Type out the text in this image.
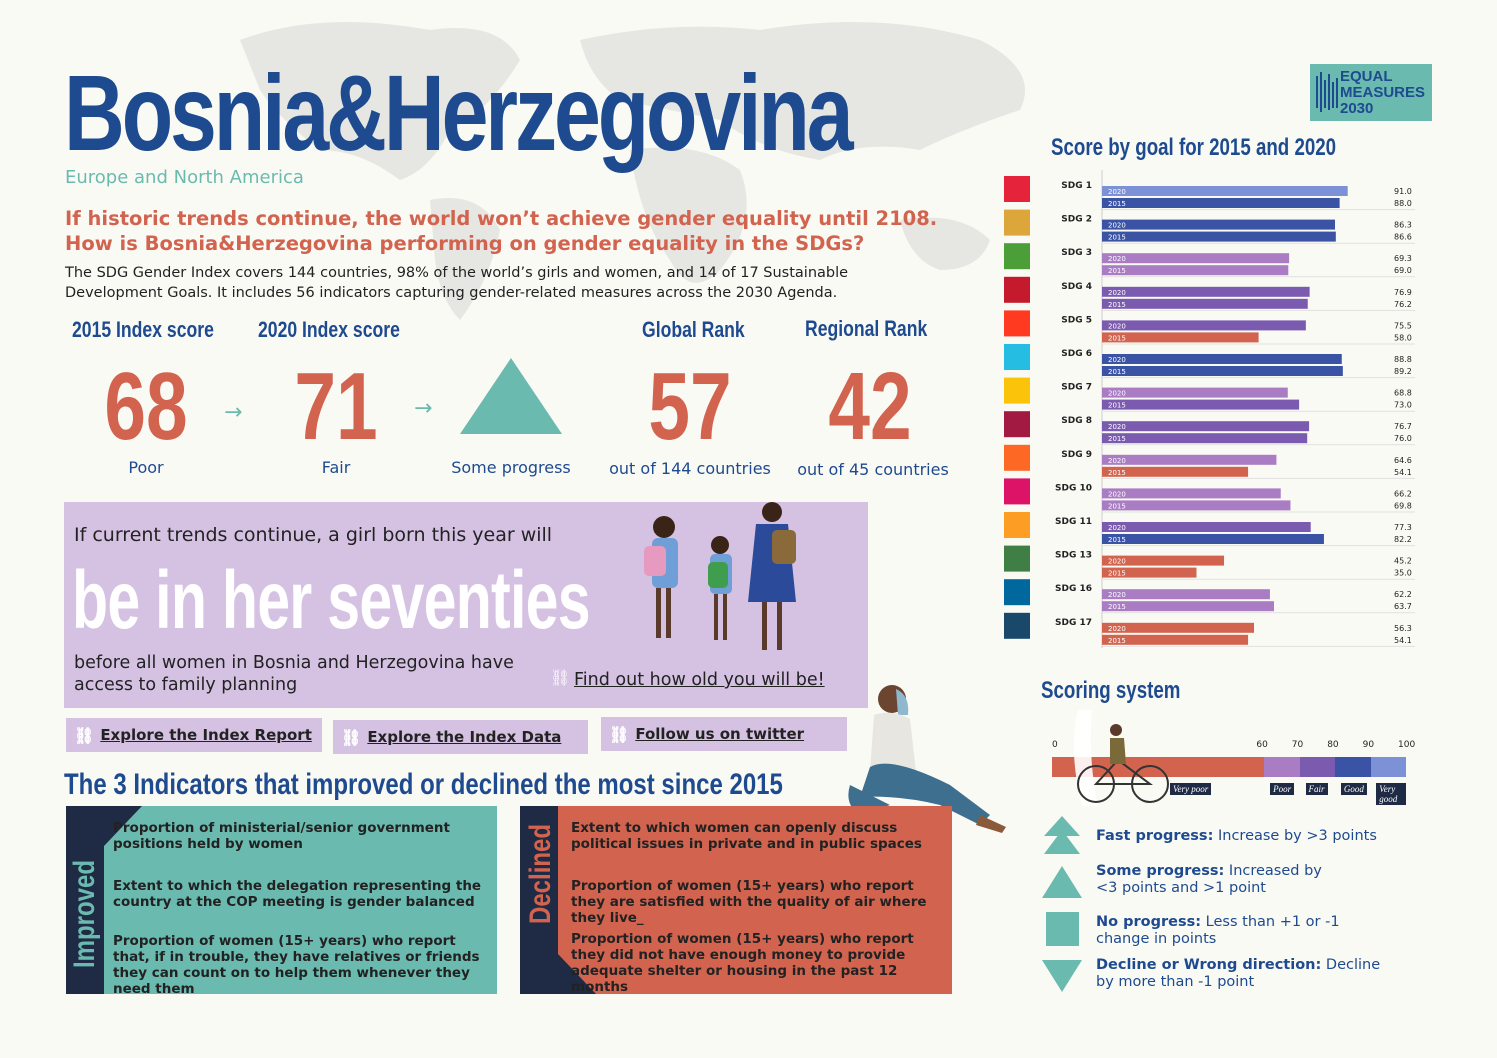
Bosnia&Herzegovina
Europe and North America
If historic trends continue, the world won’t achieve gender equality until 2108.
How is Bosnia&Herzegovina performing on gender equality in the SDGs?
The SDG Gender Index covers 144 countries, 98% of the world’s girls and women, and 14 of 17 Sustainable
Development Goals. It includes 56 indicators capturing gender-related measures across the 2030 Agenda.
EQUAL
MEASURES
2030
2015 Index score 2020 Index score	Global Rank	Regional Rank
68	→ 71	→ 57 42
Poor	Fair	Some progress	out of 144 countries	out of 45 countries
If current trends continue, a girl born this year will
be in her seventies
before all women in Bosnia and Herzegovina have access to family planning	⛓ Find out how old you will be!
⛓ Explore the Index Report ⛓ Explore the Index Data	⛓ Follow us on twitter
The 3 Indicators that improved or declined the most since 2015
Improved
Proportion of ministerial/senior government positions held by women
Extent to which the delegation representing the country at the COP meeting is gender balanced
Proportion of women (15+ years) who report that, if in trouble, they have relatives or friends they can count on to help them whenever they need them
Declined Extent to which women can openly discuss political issues in private and in public spaces
Proportion of women (15+ years) who report they are satisfied with the quality of air where they live_
Proportion of women (15+ years) who report they did not have enough money to provide adequate shelter or housing in the past 12 months
Score by goal for 2015 and 2020
SDG 1
2020	91.0
2015	88.0
SDG 2
2020	86.3
2015	86.6
SDG 3
2020	69.3
2015	69.0
SDG 4
2020	76.9
2015	76.2
SDG 5
2020	75.5
2015	58.0
SDG 6
2020	88.8
2015	89.2
SDG 7
2020	68.8
2015	73.0
SDG 8
2020	76.7
2015	76.0
SDG 9
2020	64.6
2015	54.1
SDG 10
2020	66.2
2015	69.8
SDG 11
2020	77.3
2015	82.2
SDG 13
2020	45.2
2015	35.0
SDG 16
2020	62.2
2015	63.7
SDG 17
2020	56.3
2015	54.1
Scoring system
Very poor	Poor	Fair	Good	Very good
0	60	70	80	90	100
Fast progress: Increase by >3 points
Some progress: Increased by <3 points and >1 point
No progress: Less than +1 or -1 change in points
Decline or Wrong direction: Decline by more than -1 point
